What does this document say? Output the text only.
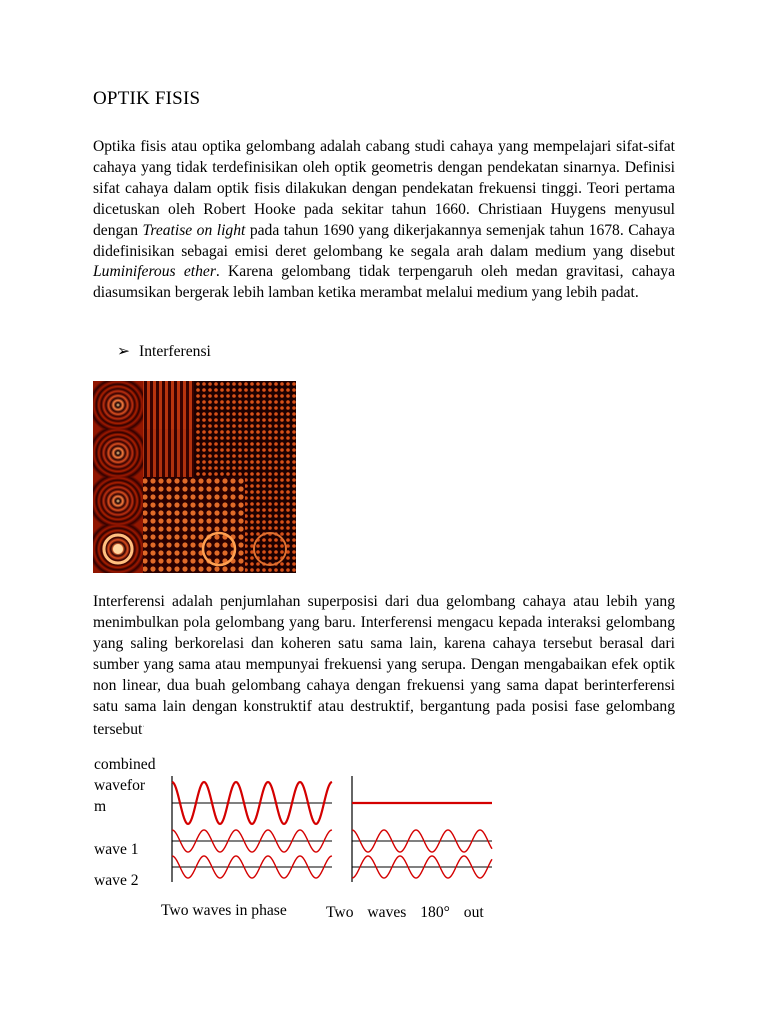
OPTIK FISIS
Optika fisis atau optika gelombang adalah cabang studi cahaya yang mempelajari sifat-sifat cahaya yang tidak terdefinisikan oleh optik geometris dengan pendekatan sinarnya. Definisi sifat cahaya dalam optik fisis dilakukan dengan pendekatan frekuensi tinggi. Teori pertama dicetuskan oleh Robert Hooke pada sekitar tahun 1660. Christiaan Huygens menyusul dengan Treatise on light pada tahun 1690 yang dikerjakannya semenjak tahun 1678. Cahaya didefinisikan sebagai emisi deret gelombang ke segala arah dalam medium yang disebut Luminiferous ether. Karena gelombang tidak terpengaruh oleh medan gravitasi, cahaya diasumsikan bergerak lebih lamban ketika merambat melalui medium yang lebih padat.
➢ Interferensi
Interferensi adalah penjumlahan superposisi dari dua gelombang cahaya atau lebih yang menimbulkan pola gelombang yang baru. Interferensi mengacu kepada interaksi gelombang yang saling berkorelasi dan koheren satu sama lain, karena cahaya tersebut berasal dari sumber yang sama atau mempunyai frekuensi yang serupa. Dengan mengabaikan efek optik non linear, dua buah gelombang cahaya dengan frekuensi yang sama dapat berinterferensi satu sama lain dengan konstruktif atau destruktif, bergantung pada posisi fase gelombang tersebut·
combined waveform
wave 1
wave 2
Two waves in phase	Two waves 180° out
